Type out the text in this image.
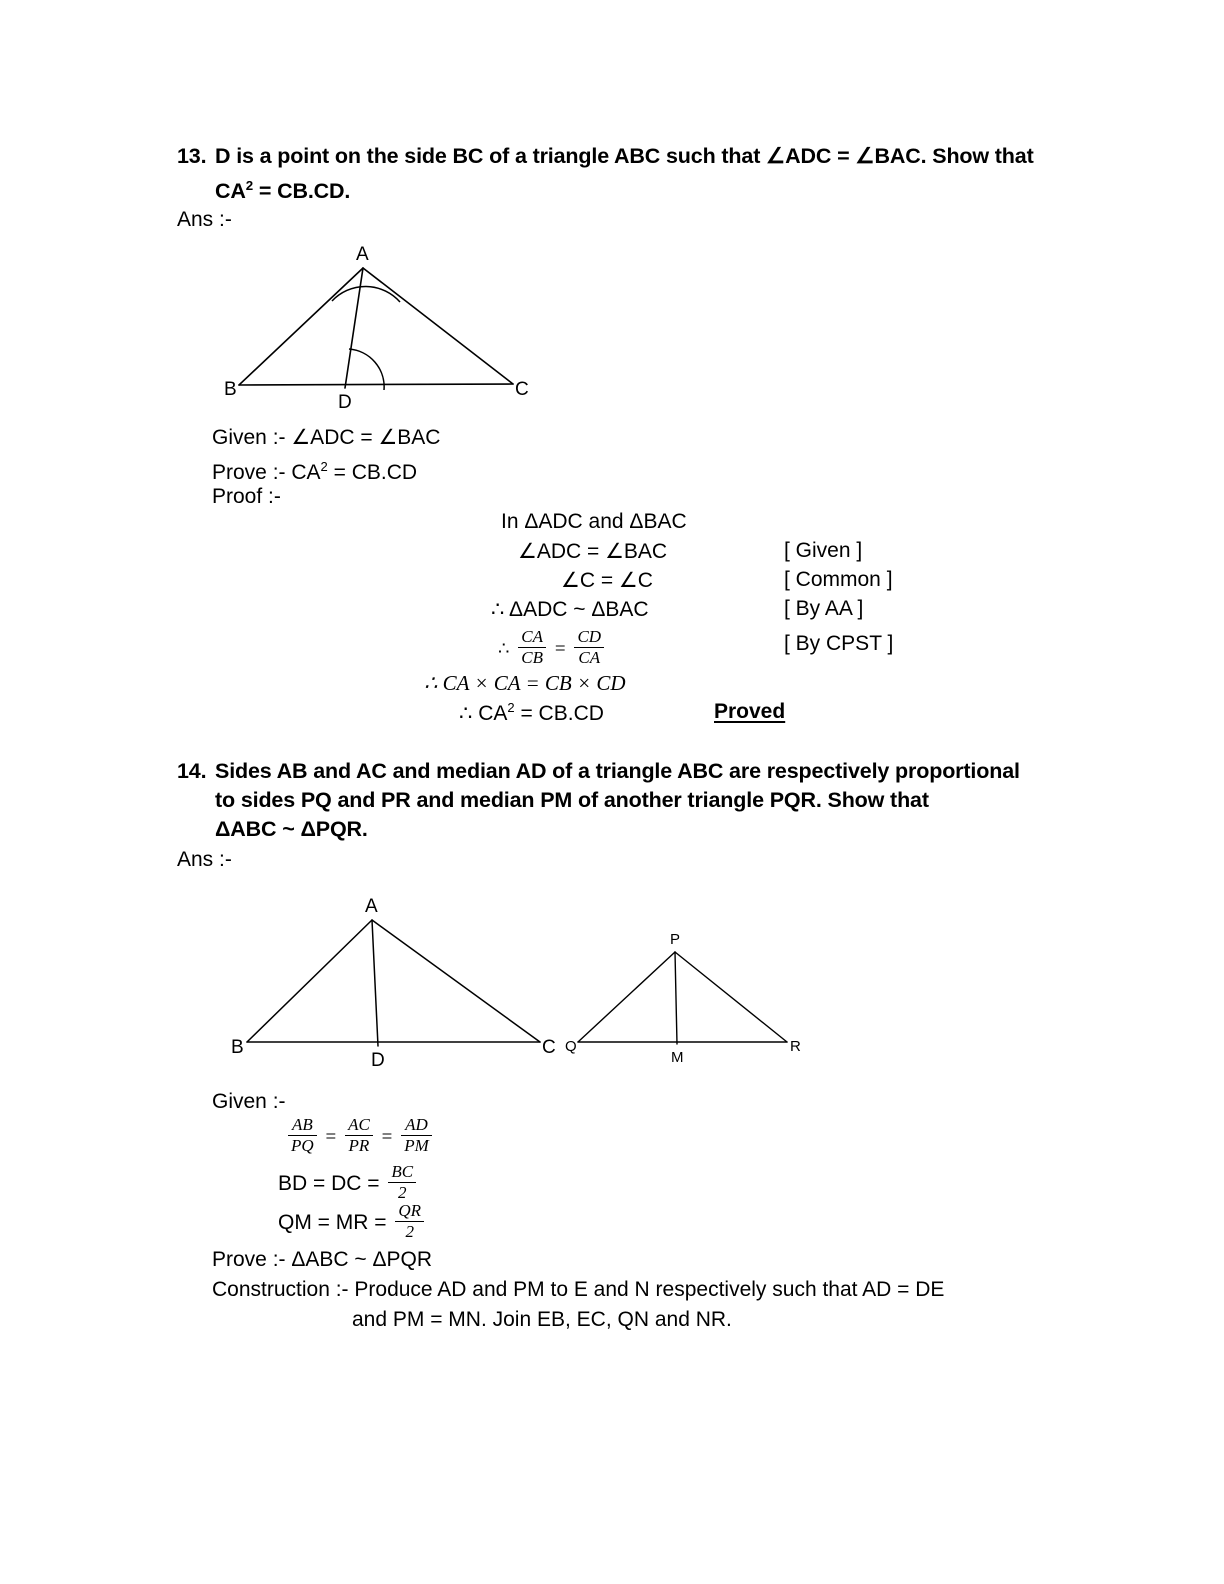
13. D is a point on the side BC of a triangle ABC such that ∠ADC = ∠BAC. Show that
$CA^2 = CB.CD$.
Ans :-
A
B
D
C
Given :- ∠ADC = ∠BAC
Prove :- $CA^2 = CB.CD$
Proof :-
In ΔADC and ΔBAC
∠ADC = ∠BAC	[ Given ]
∠C = ∠C	[ Common ]
∴ ΔADC ~ ΔBAC	[ By AA ]
∴ $\frac{CA}{CB} = \frac{CD}{CA}$	[ By CPST ]
∴ CA × CA = CB × CD
∴ $CA^2 = CB.CD$	Proved
14. Sides AB and AC and median AD of a triangle ABC are respectively proportional
to sides PQ and PR and median PM of another triangle PQR. Show that
ΔABC ~ ΔPQR.
Ans :-
A
B
D
C
P
Q
M
R
Given :-
$\frac{AB}{PQ} = \frac{AC}{PR} = \frac{AD}{PM}$
BD = DC = $\frac{BC}{2}$
QM = MR = $\frac{QR}{2}$
Prove :- ΔABC ~ ΔPQR
Construction :- Produce AD and PM to E and N respectively such that AD = DE
and PM = MN. Join EB, EC, QN and NR.
